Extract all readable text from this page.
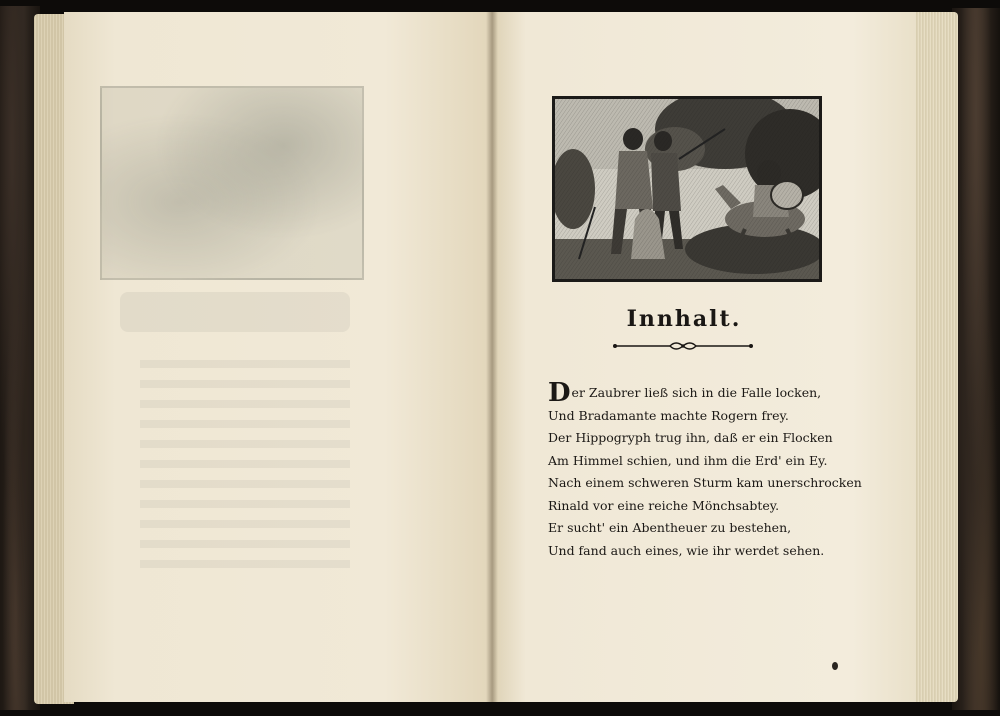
Innhalt.
Der Zaubrer ließ sich in die Falle locken,
Und Bradamante machte Rogern frey.
Der Hippogryph trug ihn, daß er ein Flocken
Am Himmel schien, und ihm die Erd' ein Ey.
Nach einem schweren Sturm kam unerschrocken
Rinald vor eine reiche Mönchsabtey.
Er sucht' ein Abentheuer zu bestehen,
Und fand auch eines, wie ihr werdet sehen.
